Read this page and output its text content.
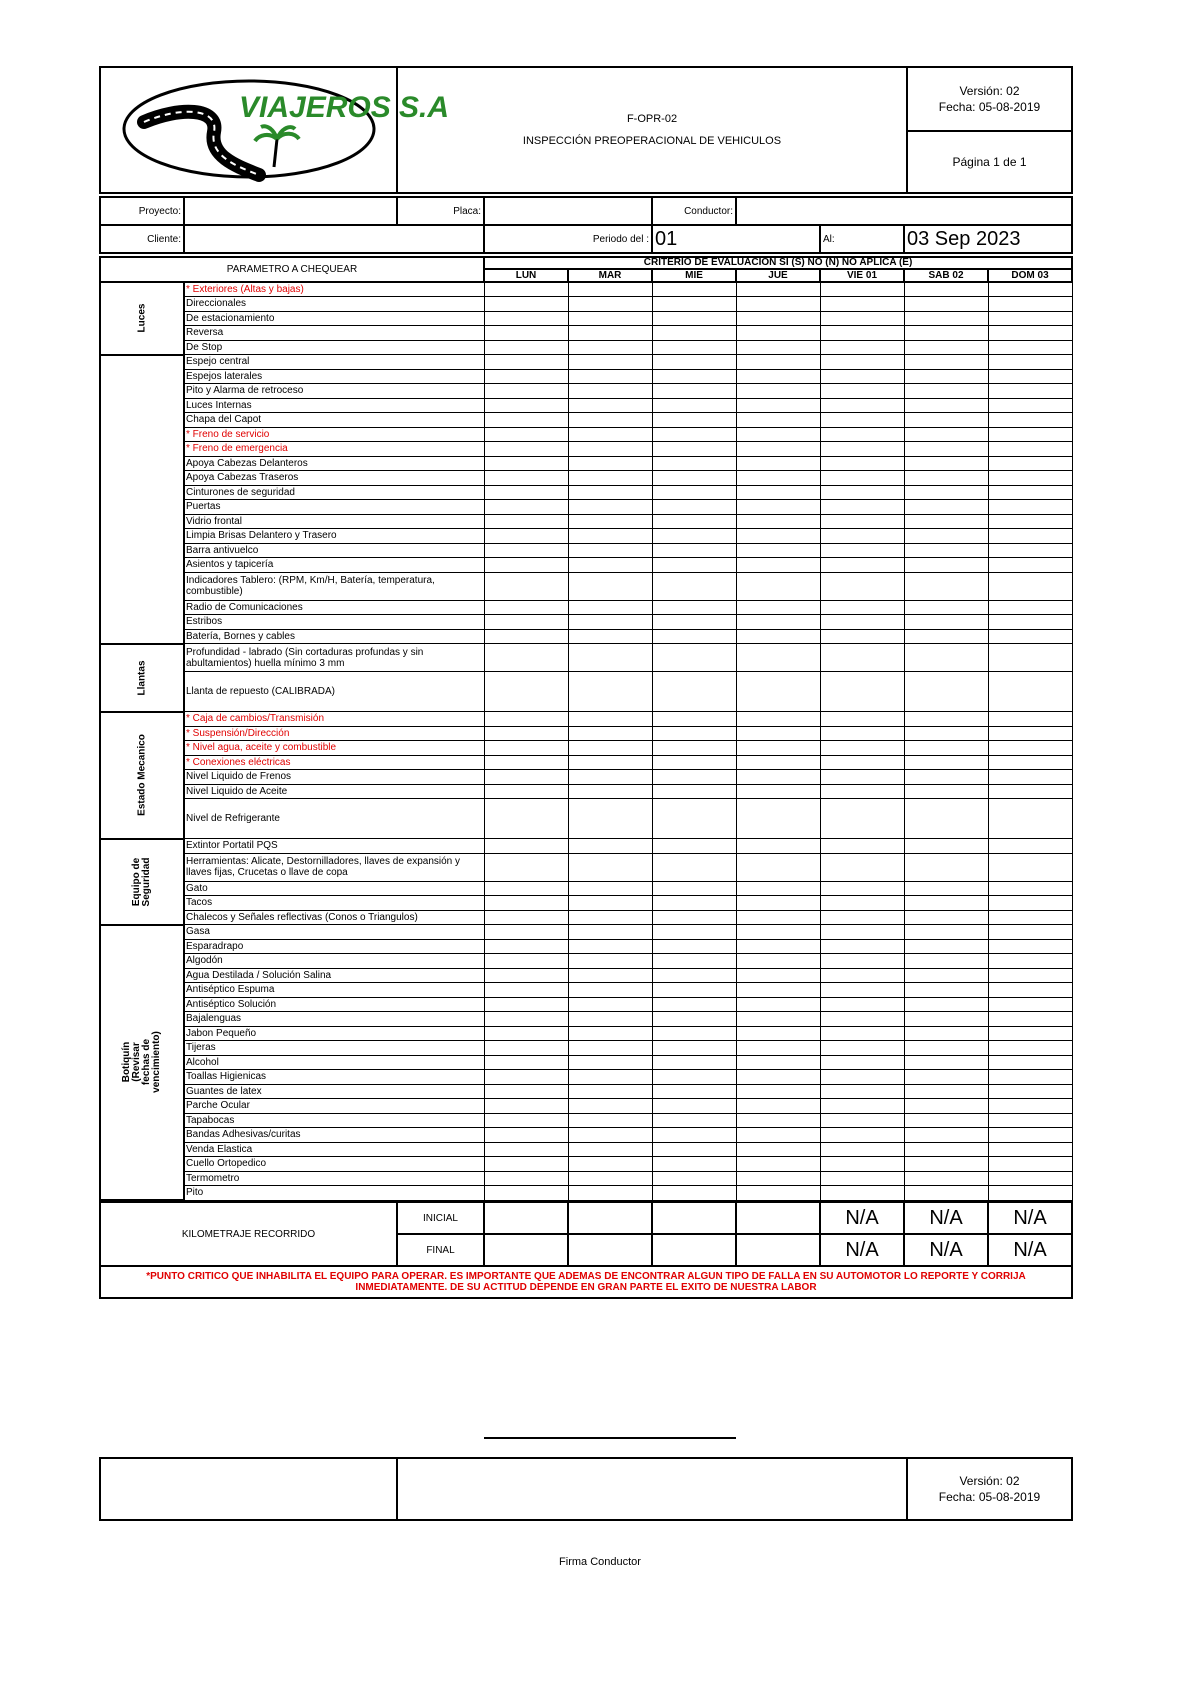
VIAJEROS S.A	F-OPR-02
INSPECCIÓN PREOPERACIONAL DE VEHICULOS

Versión: 02
Fecha: 05-08-2019

Página 1 de 1
Proyecto:		Placa:		Conductor:			
Cliente:			Periodo del :	01		Al:	03 Sep 2023
PARAMETRO A CHEQUEAR		CRITERIO DE EVALUACION SI (S) NO (N) NO APLICA (E)						
		LUN	MAR	MIE	JUE	VIE 01	SAB 02	DOM 03

Luces	* Exteriores (Altas y bajas)							
	Direccionales							
	De estacionamiento							
	Reversa							
	De Stop							

	Espejo central							
	Espejos laterales							
	Pito y Alarma de retroceso							
	Luces Internas							
	Chapa del Capot							
	* Freno de servicio							
	* Freno de emergencia							
	Apoya Cabezas Delanteros							
	Apoya Cabezas Traseros							
	Cinturones de seguridad							
	Puertas							
	Vidrio frontal							
	Limpia Brisas Delantero y Trasero							
	Barra antivuelco							
	Asientos y tapicería							
	Indicadores Tablero: (RPM, Km/H, Batería, temperatura, combustible)							
	Radio de Comunicaciones							
	Estribos							
	Batería, Bornes y cables							

Llantas	Profundidad - labrado (Sin cortaduras profundas y sin abultamientos) huella mínimo 3 mm							
	Llanta de repuesto (CALIBRADA)							

Estado Mecanico	* Caja de cambios/Transmisión							
	* Suspensión/Dirección							
	* Nivel agua, aceite y combustible							
	* Conexiones eléctricas							
	Nivel Liquido de Frenos							
	Nivel Liquido de Aceite							
	Nivel de Refrigerante							

Equipo de Seguridad	Extintor Portatil PQS							
	Herramientas: Alicate, Destornilladores, llaves de expansión y llaves fijas, Crucetas o llave de copa							
	Gato							
	Tacos							
	Chalecos y Señales reflectivas (Conos o Triangulos)							

Botiquín (Revisar fechas de vencimiento)	Gasa							
	Esparadrapo							
	Algodón							
	Agua Destilada / Solución Salina							
	Antiséptico Espuma							
	Antiséptico Solución							
	Bajalenguas							
	Jabon Pequeño							
	Tijeras							
	Alcohol							
	Toallas Higienicas							
	Guantes de latex							
	Parche Ocular							
	Tapabocas							
	Bandas Adhesivas/curitas							
	Venda Elastica							
	Cuello Ortopedico							
	Termometro							
	Pito							
KILOMETRAJE RECORRIDO	INICIAL					N/A	N/A	N/A
	FINAL					N/A	N/A	N/A
*PUNTO CRITICO QUE INHABILITA EL EQUIPO PARA OPERAR. ES IMPORTANTE QUE ADEMAS DE ENCONTRAR ALGUN TIPO DE FALLA EN SU AUTOMOTOR LO REPORTE Y CORRIJA INMEDIATAMENTE. DE SU ACTITUD DEPENDE EN GRAN PARTE EL EXITO DE NUESTRA LABOR								

Versión: 02
Fecha: 05-08-2019
Firma Conductor
